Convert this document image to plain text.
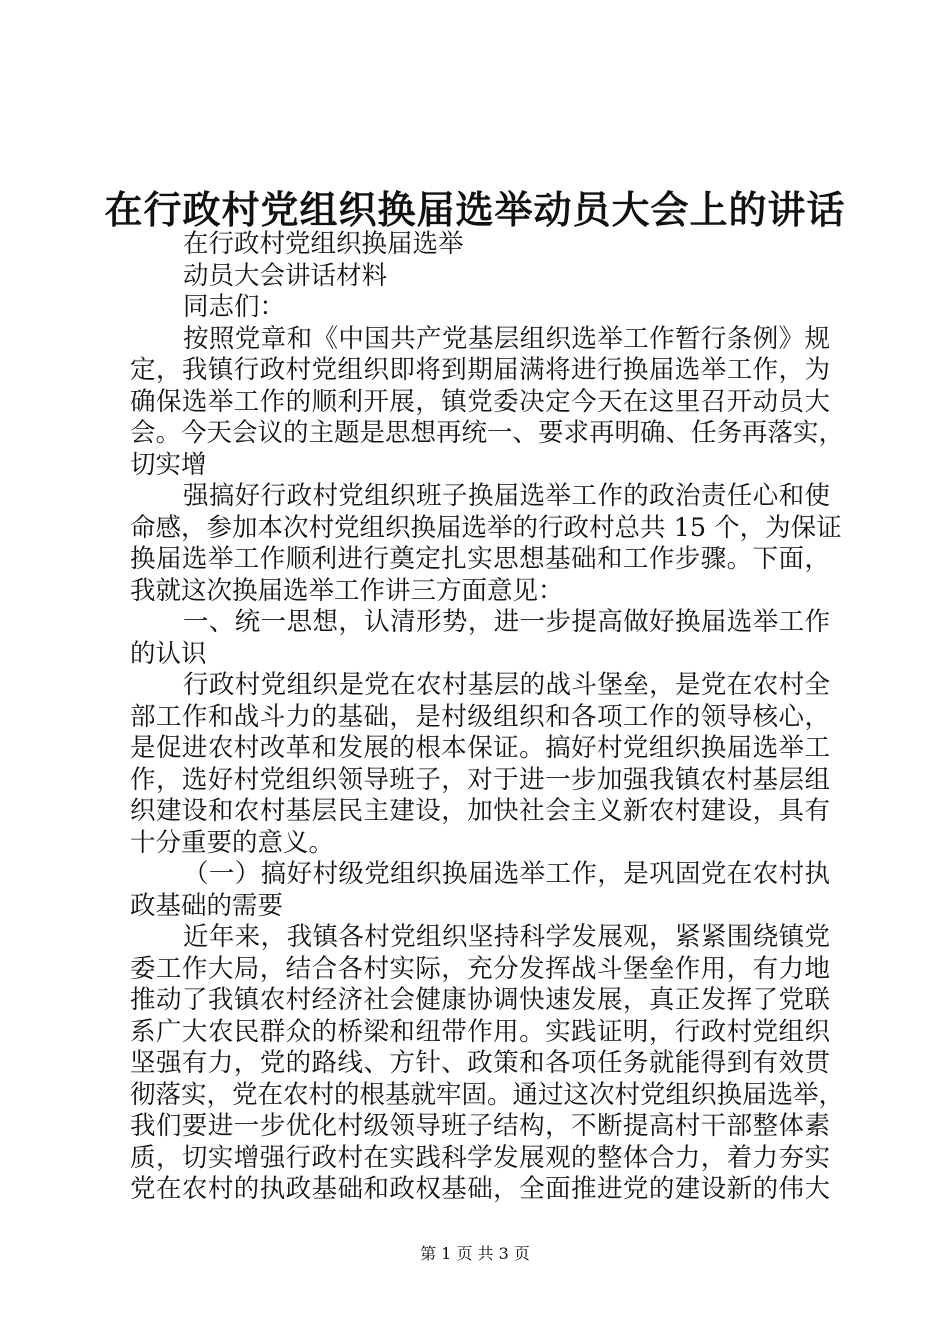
在行政村党组织换届选举动员大会上的讲话
在行政村党组织换届选举
动员大会讲话材料
同志们：
按照党章和《中国共产党基层组织选举工作暂行条例》规
定，我镇行政村党组织即将到期届满将进行换届选举工作，为
确保选举工作的顺利开展，镇党委决定今天在这里召开动员大
会。今天会议的主题是思想再统一、要求再明确、任务再落实，
切实增
强搞好行政村党组织班子换届选举工作的政治责任心和使
命感，参加本次村党组织换届选举的行政村总共 15 个，为保证
换届选举工作顺利进行奠定扎实思想基础和工作步骤。下面，
我就这次换届选举工作讲三方面意见：
一、统一思想，认清形势，进一步提高做好换届选举工作
的认识
行政村党组织是党在农村基层的战斗堡垒，是党在农村全
部工作和战斗力的基础，是村级组织和各项工作的领导核心，
是促进农村改革和发展的根本保证。搞好村党组织换届选举工
作，选好村党组织领导班子，对于进一步加强我镇农村基层组
织建设和农村基层民主建设，加快社会主义新农村建设，具有
十分重要的意义。
（一）搞好村级党组织换届选举工作，是巩固党在农村执
政基础的需要
近年来，我镇各村党组织坚持科学发展观，紧紧围绕镇党
委工作大局，结合各村实际，充分发挥战斗堡垒作用，有力地
推动了我镇农村经济社会健康协调快速发展，真正发挥了党联
系广大农民群众的桥梁和纽带作用。实践证明，行政村党组织
坚强有力，党的路线、方针、政策和各项任务就能得到有效贯
彻落实，党在农村的根基就牢固。通过这次村党组织换届选举，
我们要进一步优化村级领导班子结构，不断提高村干部整体素
质，切实增强行政村在实践科学发展观的整体合力，着力夯实
党在农村的执政基础和政权基础，全面推进党的建设新的伟大
第 1 页 共 3 页
